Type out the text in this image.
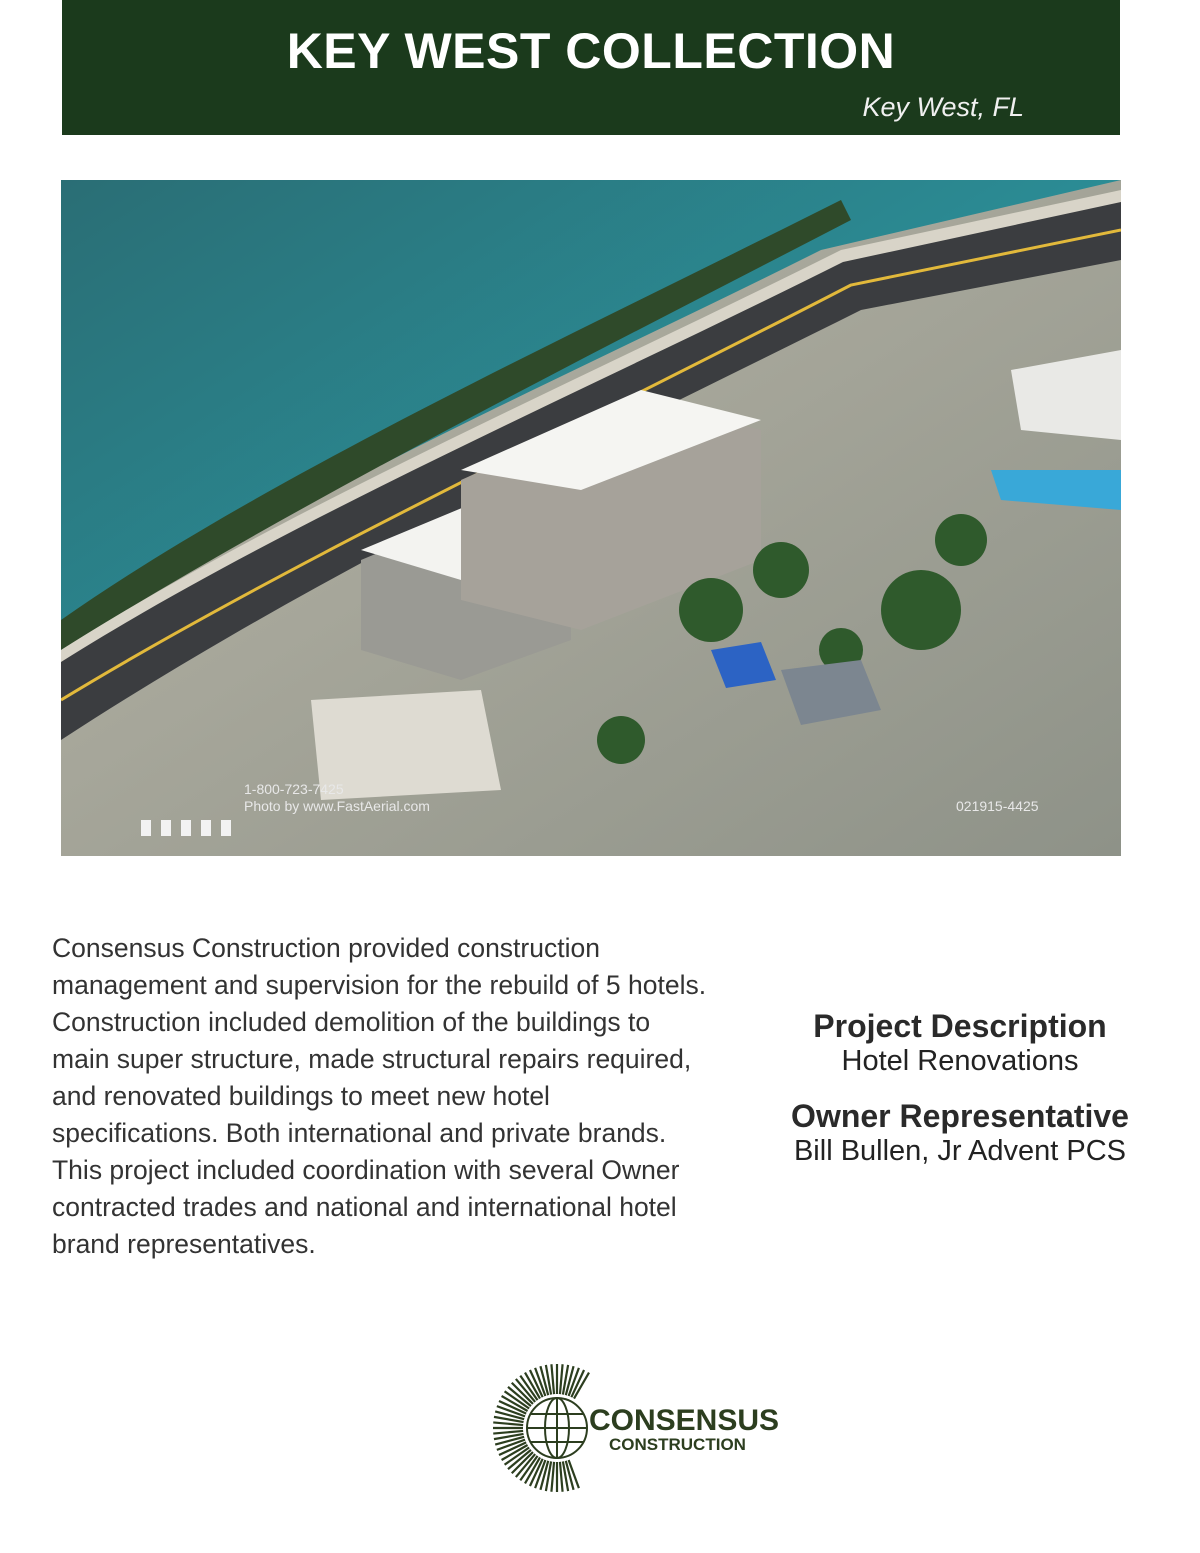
KEY WEST COLLECTION
Key West, FL
1-800-723-7425
Photo by www.FastAerial.com	021915-4425
Consensus Construction provided construction management and supervision for the rebuild of 5 hotels. Construction included demolition of the buildings to main super structure, made structural repairs required, and renovated buildings to meet new hotel specifications. Both international and private brands. This project included coordination with several Owner contracted trades and national and international hotel brand representatives.
Project Description

Hotel Renovations

Owner Representative

Bill Bullen, Jr Advent PCS

CONSENSUS
CONSTRUCTION
